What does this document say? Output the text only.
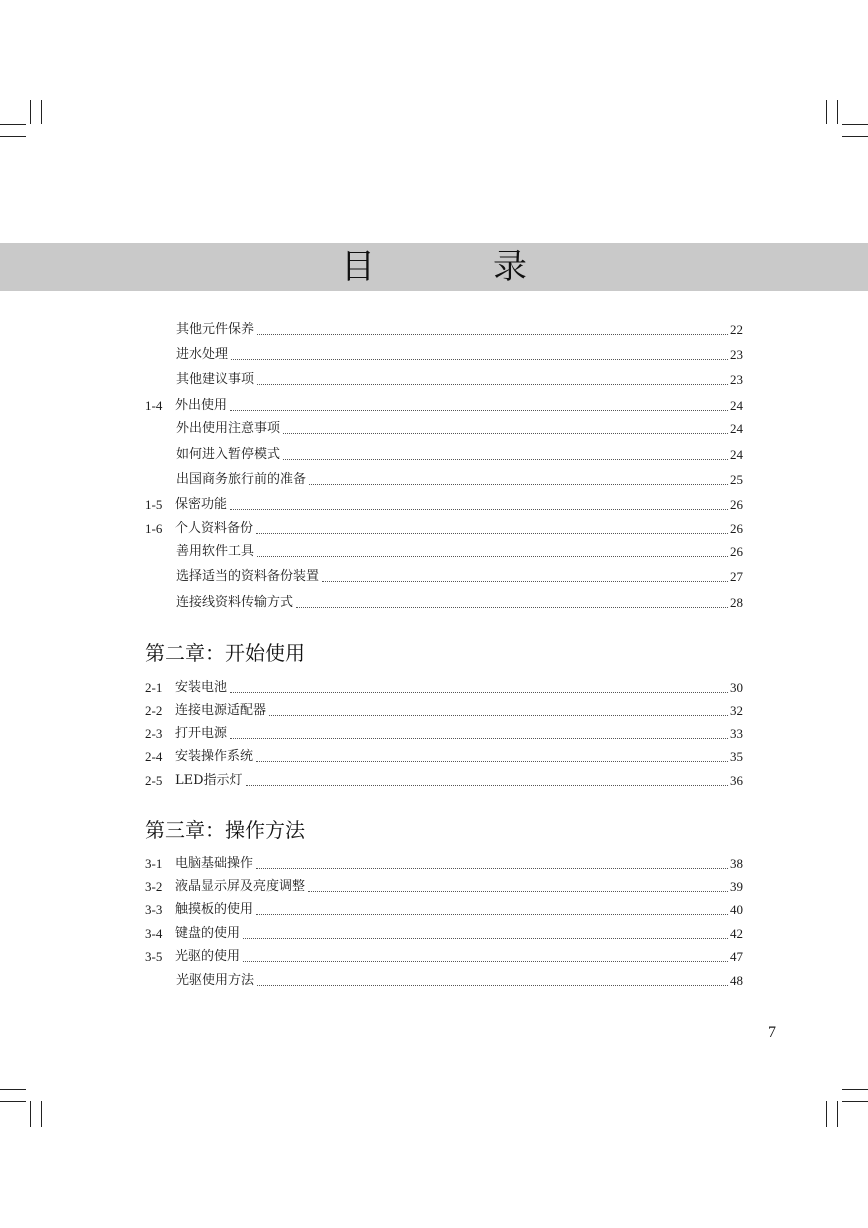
目　录
其他元件保养	22
进水处理	23
其他建议事项	23
1-4 外出使用	24
外出使用注意事项	24
如何进入暂停模式	24
出国商务旅行前的准备	25
1-5 保密功能	26
1-6 个人资料备份	26
善用软件工具	26
选择适当的资料备份装置	27
连接线资料传输方式	28
第二章：开始使用
2-1 安装电池	30
2-2 连接电源适配器	32
2-3 打开电源	33
2-4 安装操作系统	35
2-5 LED指示灯	36
第三章：操作方法
3-1 电脑基础操作	38
3-2 液晶显示屏及亮度调整	39
3-3 触摸板的使用	40
3-4 键盘的使用	42
3-5 光驱的使用	47
光驱使用方法	48
7
